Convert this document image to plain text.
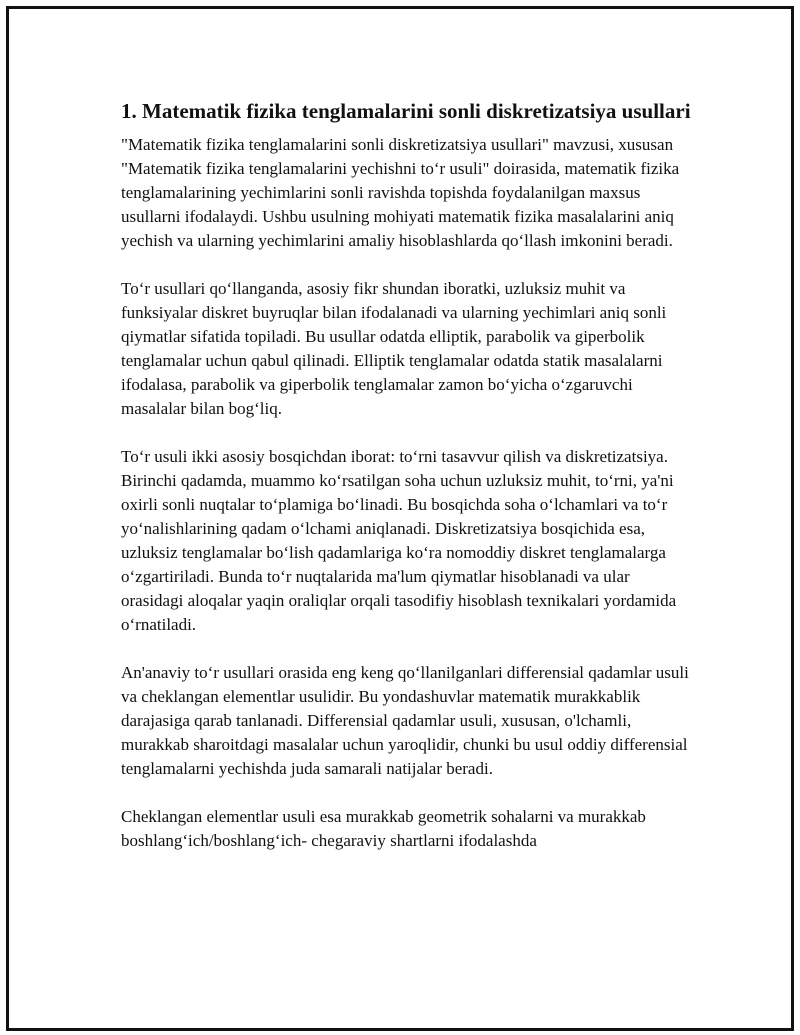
1. Matematik fizika tenglamalarini sonli diskretizatsiya usullari

"Matematik fizika tenglamalarini sonli diskretizatsiya usullari" mavzusi, xususan "Matematik fizika tenglamalarini yechishni to‘r usuli" doirasida, matematik fizika tenglamalarining yechimlarini sonli ravishda topishda foydalanilgan maxsus usullarni ifodalaydi. Ushbu usulning mohiyati matematik fizika masalalarini aniq yechish va ularning yechimlarini amaliy hisoblashlarda qo‘llash imkonini beradi.

To‘r usullari qo‘llanganda, asosiy fikr shundan iboratki, uzluksiz muhit va funksiyalar diskret buyruqlar bilan ifodalanadi va ularning yechimlari aniq sonli qiymatlar sifatida topiladi. Bu usullar odatda elliptik, parabolik va giperbolik tenglamalar uchun qabul qilinadi. Elliptik tenglamalar odatda statik masalalarni ifodalasa, parabolik va giperbolik tenglamalar zamon bo‘yicha o‘zgaruvchi masalalar bilan bog‘liq.

To‘r usuli ikki asosiy bosqichdan iborat: to‘rni tasavvur qilish va diskretizatsiya. Birinchi qadamda, muammo ko‘rsatilgan soha uchun uzluksiz muhit, to‘rni, ya'ni oxirli sonli nuqtalar to‘plamiga bo‘linadi. Bu bosqichda soha o‘lchamlari va to‘r yo‘nalishlarining qadam o‘lchami aniqlanadi. Diskretizatsiya bosqichida esa, uzluksiz tenglamalar bo‘lish qadamlariga ko‘ra nomoddiy diskret tenglamalarga o‘zgartiriladi. Bunda to‘r nuqtalarida ma'lum qiymatlar hisoblanadi va ular orasidagi aloqalar yaqin oraliqlar orqali tasodifiy hisoblash texnikalari yordamida o‘rnatiladi.

An'anaviy to‘r usullari orasida eng keng qo‘llanilganlari differensial qadamlar usuli va cheklangan elementlar usulidir. Bu yondashuvlar matematik murakkablik darajasiga qarab tanlanadi. Differensial qadamlar usuli, xususan, o'lchamli, murakkab sharoitdagi masalalar uchun yaroqlidir, chunki bu usul oddiy differensial tenglamalarni yechishda juda samarali natijalar beradi.

Cheklangan elementlar usuli esa murakkab geometrik sohalarni va murakkab boshlang‘ich/boshlang‘ich- chegaraviy shartlarni ifodalashda
